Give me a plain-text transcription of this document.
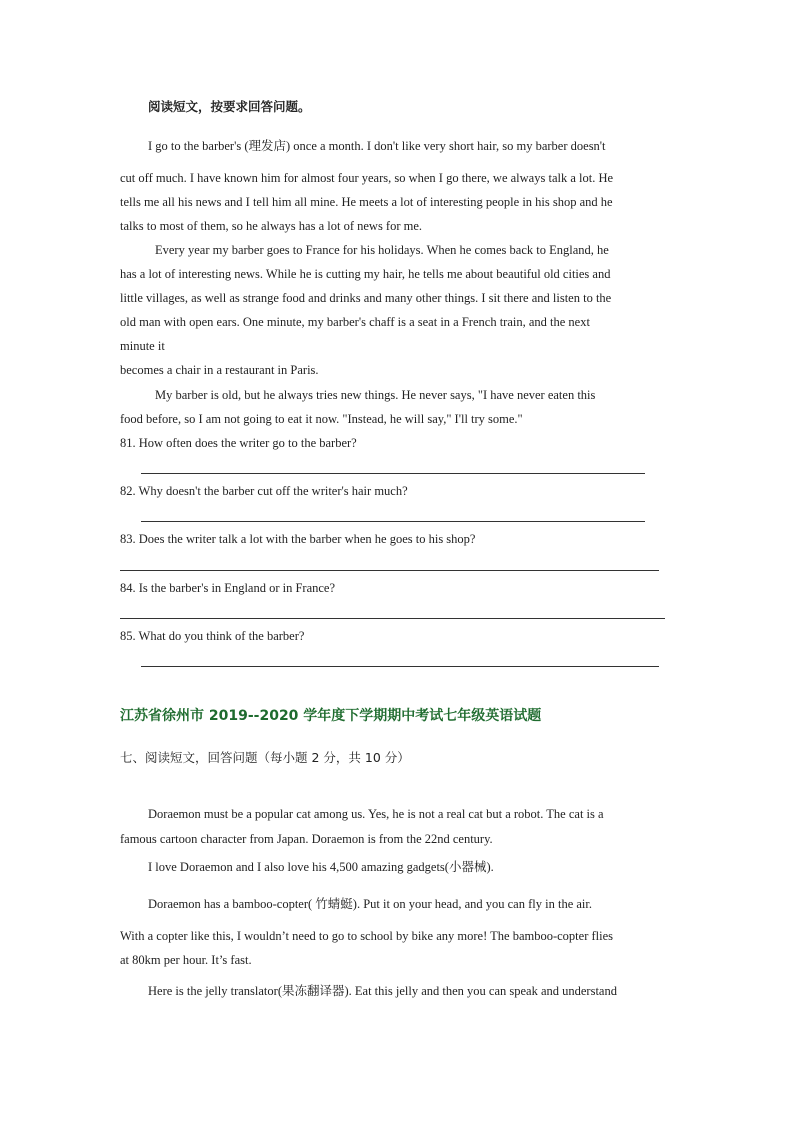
阅读短文，按要求回答问题。
I go to the barber's (理发店) once a month. I don't like very short hair, so my barber doesn't
cut off much. I have known him for almost four years, so when I go there, we always talk a lot. He
tells me all his news and I tell him all mine. He meets a lot of interesting people in his shop and he
talks to most of them, so he always has a lot of news for me.
Every year my barber goes to France for his holidays. When he comes back to England, he
has a lot of interesting news. While he is cutting my hair, he tells me about beautiful old cities and
little villages, as well as strange food and drinks and many other things. I sit there and listen to the
old man with open ears. One minute, my barber's chaff is a seat in a French train, and the next
minute it
becomes a chair in a restaurant in Paris.
My barber is old, but he always tries new things. He never says, "I have never eaten this
food before, so I am not going to eat it now. "Instead, he will say," I'll try some."
81. How often does the writer go to the barber?
82. Why doesn't the barber cut off the writer's hair much?
83. Does the writer talk a lot with the barber when he goes to his shop?
84. Is the barber's in England or in France?
85. What do you think of the barber?
江苏省徐州市 2019--2020 学年度下学期期中考试七年级英语试题
七、阅读短文，回答问题（每小题 2 分，共 10 分）
Doraemon must be a popular cat among us. Yes, he is not a real cat but a robot. The cat is a
famous cartoon character from Japan. Doraemon is from the 22nd century.
I love Doraemon and I also love his 4,500 amazing gadgets(小器械).
Doraemon has a bamboo-copter( 竹蜻蜓). Put it on your head, and you can fly in the air.
With a copter like this, I wouldn’t need to go to school by bike any more! The bamboo-copter flies
at 80km per hour. It’s fast.
Here is the jelly translator(果冻翻译器). Eat this jelly and then you can speak and understand
